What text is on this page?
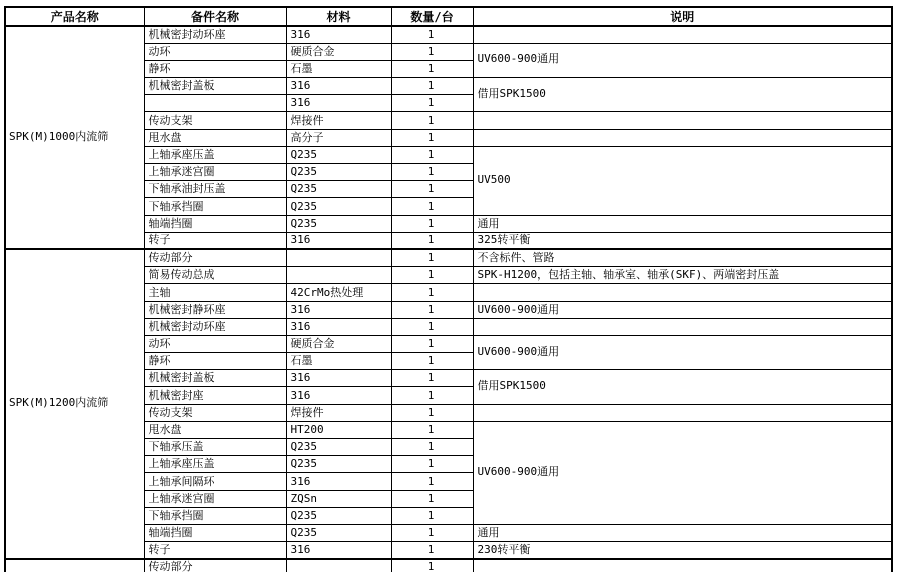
产品名称	备件名称	材料	数量/台	说明
SPK(M)1000内流筛	机械密封动环座	316	1	
	动环	硬质合金	1	UV600-900通用
	静环	石墨	1	
	机械密封盖板	316	1	借用SPK1500
		316	1	
	传动支架	焊接件	1	
	甩水盘	高分子	1	
	上轴承座压盖	Q235	1	UV500
	上轴承迷宫圈	Q235	1	
	下轴承油封压盖	Q235	1	
	下轴承挡圈	Q235	1	
	轴端挡圈	Q235	1	通用
	转子	316	1	325转平衡
SPK(M)1200内流筛	传动部分		1	不含标件、管路
	简易传动总成		1	SPK-H1200，包括主轴、轴承室、轴承(SKF)、两端密封压盖
	主轴	42CrMo热处理	1	
	机械密封静环座	316	1	UV600-900通用
	机械密封动环座	316	1	
	动环	硬质合金	1	UV600-900通用
	静环	石墨	1	
	机械密封盖板	316	1	借用SPK1500
	机械密封座	316	1	
	传动支架	焊接件	1	
	甩水盘	HT200	1	UV600-900通用
	下轴承压盖	Q235	1	
	上轴承座压盖	Q235	1	
	上轴承间隔环	316	1	
	上轴承迷宫圈	ZQSn	1	
	下轴承挡圈	Q235	1	
	轴端挡圈	Q235	1	通用
	转子	316	1	230转平衡
	传动部分		1	
